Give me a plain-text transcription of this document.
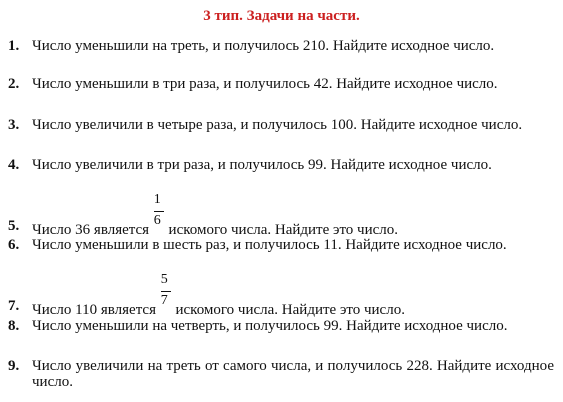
3 тип. Задачи на части.
1. Число уменьшили на треть, и получилось 210. Найдите исходное число.
2. Число уменьшили в три раза, и получилось 42. Найдите исходное число.
3. Число увеличили в четыре раза, и получилось 100. Найдите исходное число.
4. Число увеличили в три раза, и получилось 99. Найдите исходное число.
5. Число 36 является $\frac{1}{6}$ искомого числа. Найдите это число.
6. Число уменьшили в шесть раз, и получилось 11. Найдите исходное число.
7. Число 110 является $\frac{5}{7}$ искомого числа. Найдите это число.
8. Число уменьшили на четверть, и получилось 99. Найдите исходное число.
9. Число увеличили на треть от самого числа, и получилось 228. Найдите исходное число.
